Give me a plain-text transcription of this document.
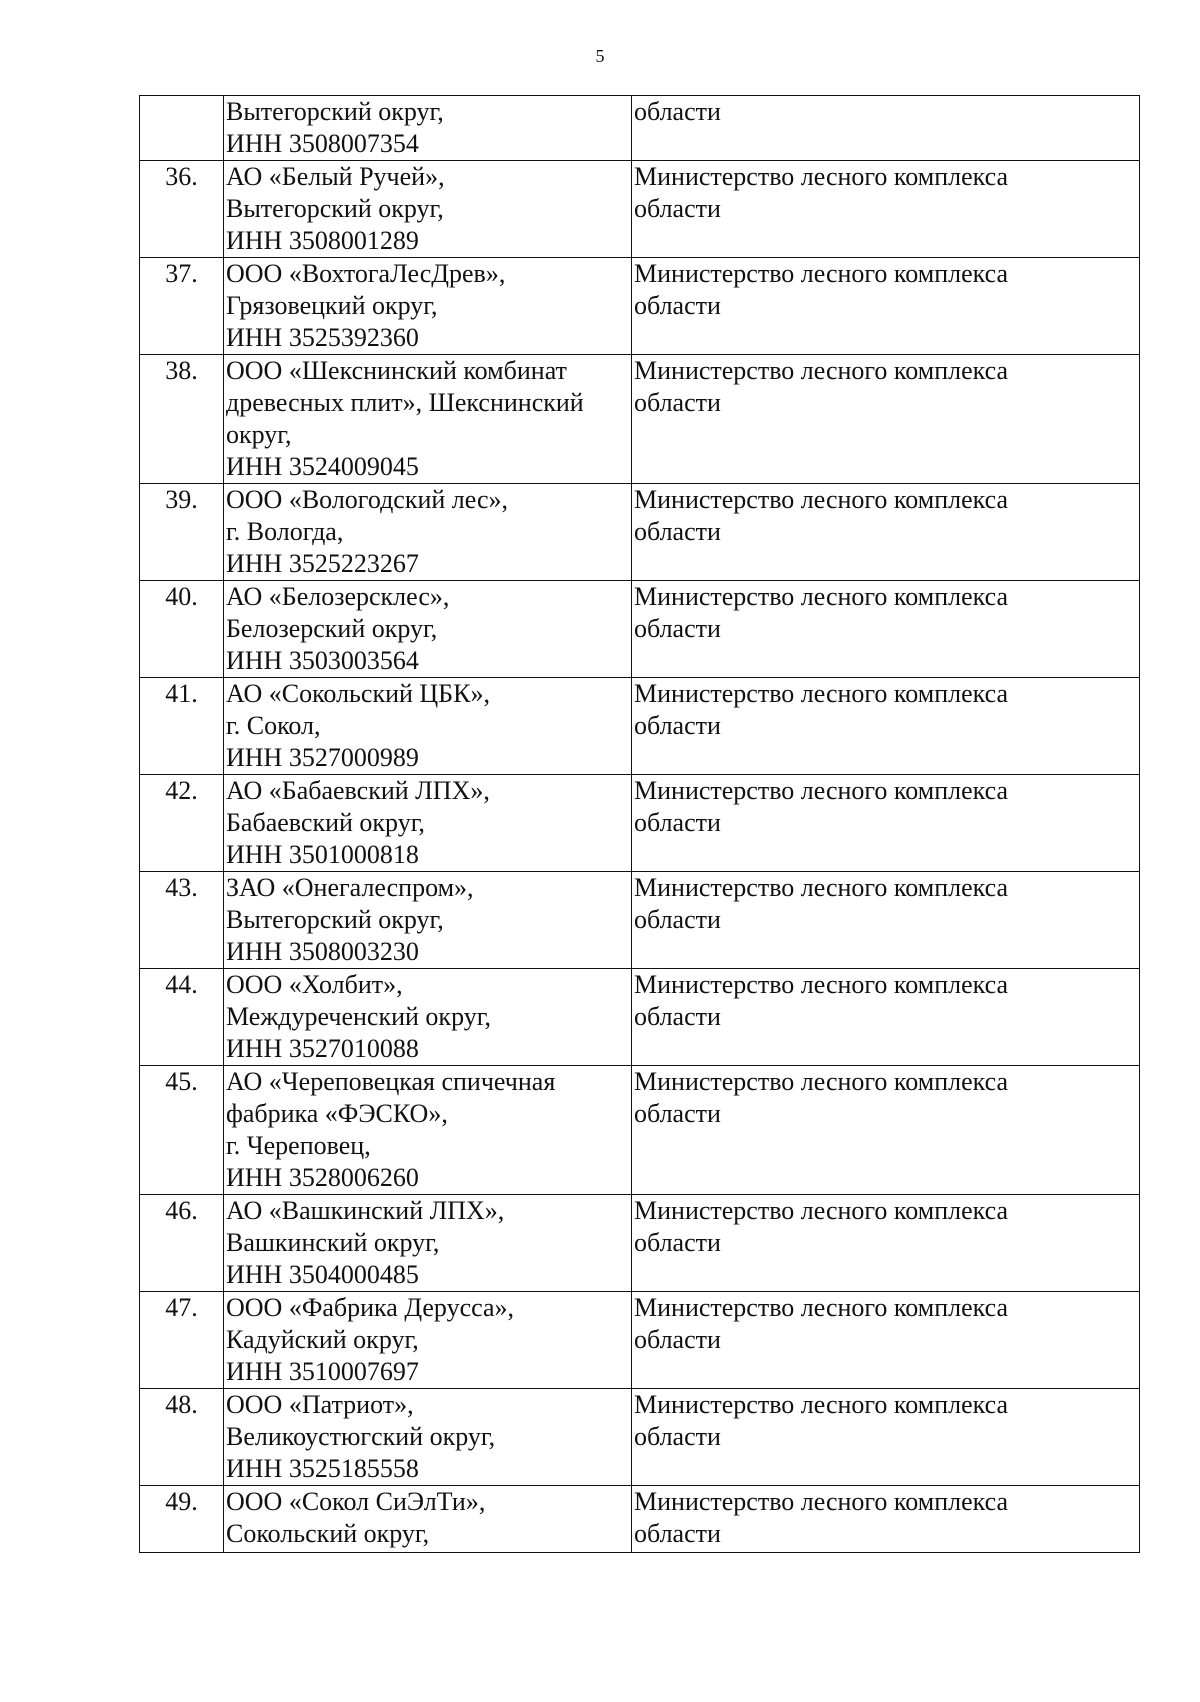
5

	Вытегорский округ,
ИНН 3508007354	области

36.	АО «Белый Ручей»,
Вытегорский округ,
ИНН 3508001289	Министерство лесного комплекса
области

37.	ООО «ВохтогаЛесДрев»,
Грязовецкий округ,
ИНН 3525392360	Министерство лесного комплекса
области

38.	ООО «Шекснинский комбинат
древесных плит», Шекснинский
округ,
ИНН 3524009045	Министерство лесного комплекса
области

39.	ООО «Вологодский лес»,
г. Вологда,
ИНН 3525223267	Министерство лесного комплекса
области

40.	АО «Белозерсклес»,
Белозерский округ,
ИНН 3503003564	Министерство лесного комплекса
области

41.	АО «Сокольский ЦБК»,
г. Сокол,
ИНН 3527000989	Министерство лесного комплекса
области

42.	АО «Бабаевский ЛПХ»,
Бабаевский округ,
ИНН 3501000818	Министерство лесного комплекса
области

43.	ЗАО «Онегалеспром»,
Вытегорский округ,
ИНН 3508003230	Министерство лесного комплекса
области

44.	ООО «Холбит»,
Междуреченский округ,
ИНН 3527010088	Министерство лесного комплекса
области

45.	АО «Череповецкая спичечная
фабрика «ФЭСКО»,
г. Череповец,
ИНН 3528006260	Министерство лесного комплекса
области

46.	АО «Вашкинский ЛПХ»,
Вашкинский округ,
ИНН 3504000485	Министерство лесного комплекса
области

47.	ООО «Фабрика Дерусса»,
Кадуйский округ,
ИНН 3510007697	Министерство лесного комплекса
области

48.	ООО «Патриот»,
Великоустюгский округ,
ИНН 3525185558	Министерство лесного комплекса
области

49.	ООО «Сокол СиЭлТи»,
Сокольский округ,	Министерство лесного комплекса
области
